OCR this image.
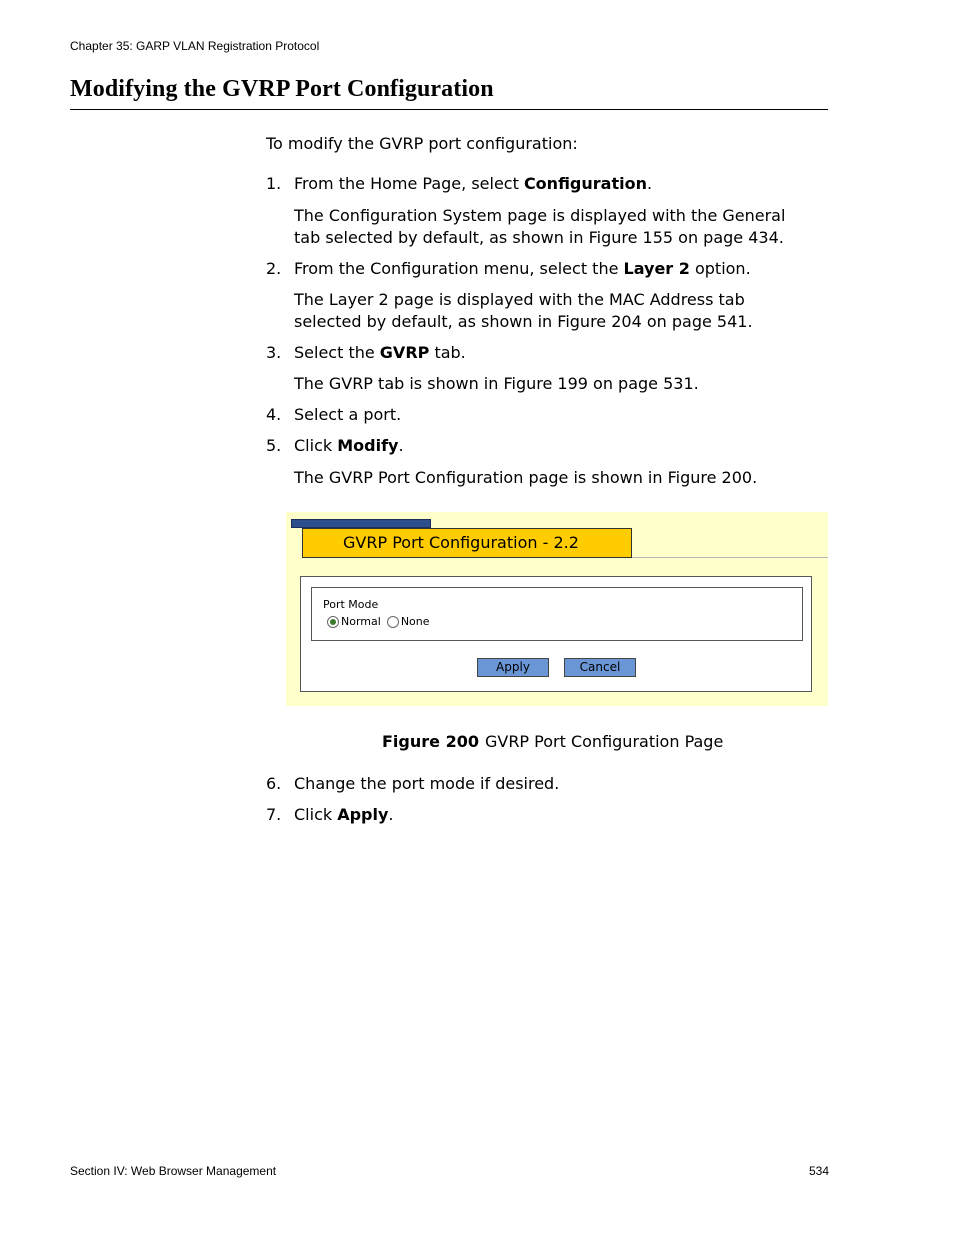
Chapter 35: GARP VLAN Registration Protocol
Modifying the GVRP Port Configuration
To modify the GVRP port configuration:
1. From the Home Page, select Configuration.
The Configuration System page is displayed with the General tab selected by default, as shown in Figure 155 on page 434.
2. From the Configuration menu, select the Layer 2 option.
The Layer 2 page is displayed with the MAC Address tab selected by default, as shown in Figure 204 on page 541.
3. Select the GVRP tab.
The GVRP tab is shown in Figure 199 on page 531.
4. Select a port.
5. Click Modify.
The GVRP Port Configuration page is shown in Figure 200.
GVRP Port Configuration - 2.2
Port Mode
Normal None
Apply	Cancel
Figure 200 GVRP Port Configuration Page
6. Change the port mode if desired.
7. Click Apply.
Section IV: Web Browser Management	534
